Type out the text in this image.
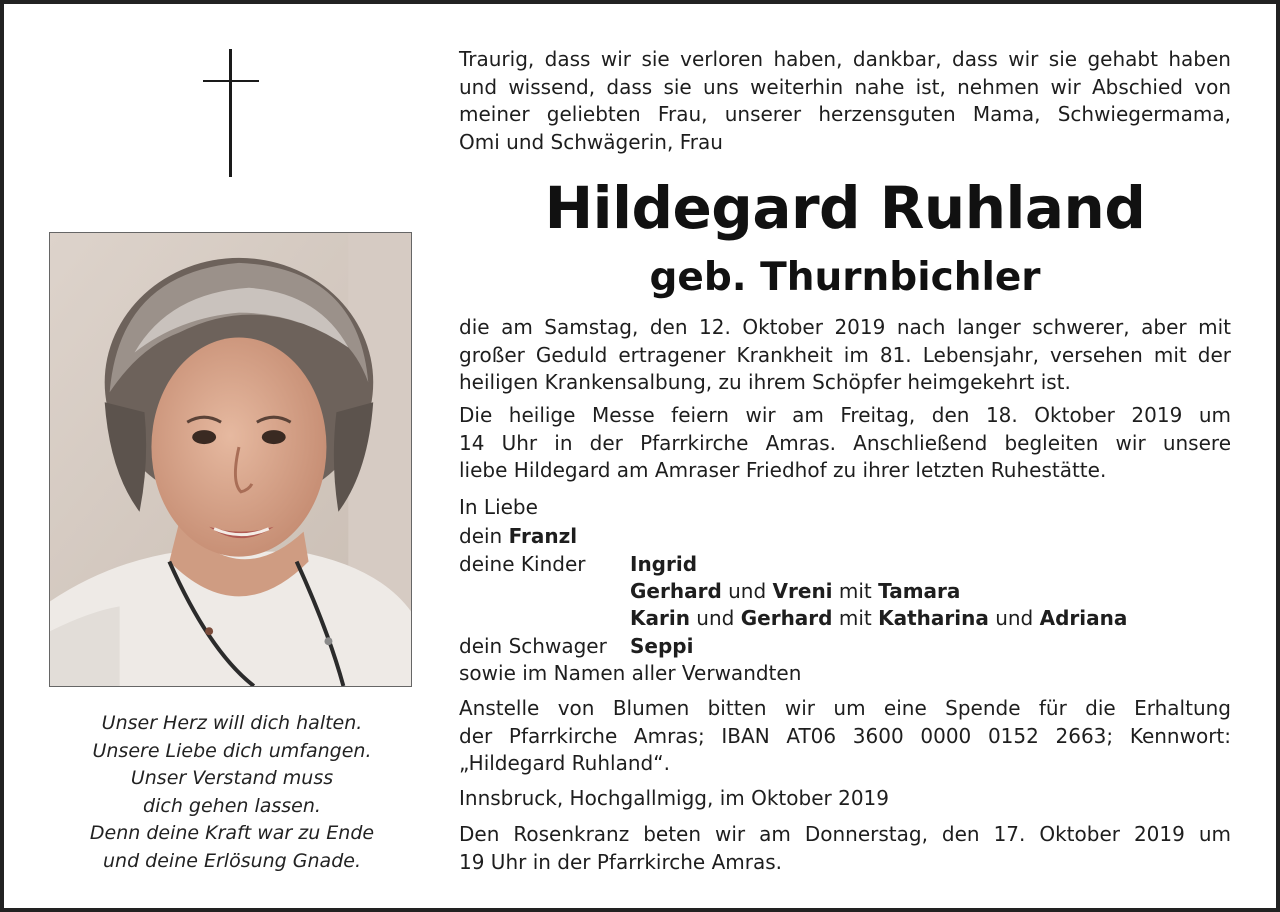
Unser Herz will dich halten.
Unsere Liebe dich umfangen.
Unser Verstand muss
dich gehen lassen.
Denn deine Kraft war zu Ende
und deine Erlösung Gnade.
Traurig, dass wir sie verloren haben, dankbar, dass wir sie gehabt haben
und wissend, dass sie uns weiterhin nahe ist, nehmen wir Abschied von
meiner geliebten Frau, unserer herzensguten Mama, Schwiegermama,
Omi und Schwägerin, Frau
Hildegard Ruhland
geb. Thurnbichler
die am Samstag, den 12. Oktober 2019 nach langer schwerer, aber mit
großer Geduld ertragener Krankheit im 81. Lebensjahr, versehen mit der
heiligen Krankensalbung, zu ihrem Schöpfer heimgekehrt ist.
Die heilige Messe feiern wir am Freitag, den 18. Oktober 2019 um
14 Uhr in der Pfarrkirche Amras. Anschließend begleiten wir unsere
liebe Hildegard am Amraser Friedhof zu ihrer letzten Ruhestätte.
In Liebe
dein Franzl
deine Kinder Ingrid
Gerhard und Vreni mit Tamara
Karin und Gerhard mit Katharina und Adriana
dein Schwager Seppi
sowie im Namen aller Verwandten
Anstelle von Blumen bitten wir um eine Spende für die Erhaltung
der Pfarrkirche Amras; IBAN AT06 3600 0000 0152 2663; Kennwort:
„Hildegard Ruhland“.
Innsbruck, Hochgallmigg, im Oktober 2019
Den Rosenkranz beten wir am Donnerstag, den 17. Oktober 2019 um
19 Uhr in der Pfarrkirche Amras.
